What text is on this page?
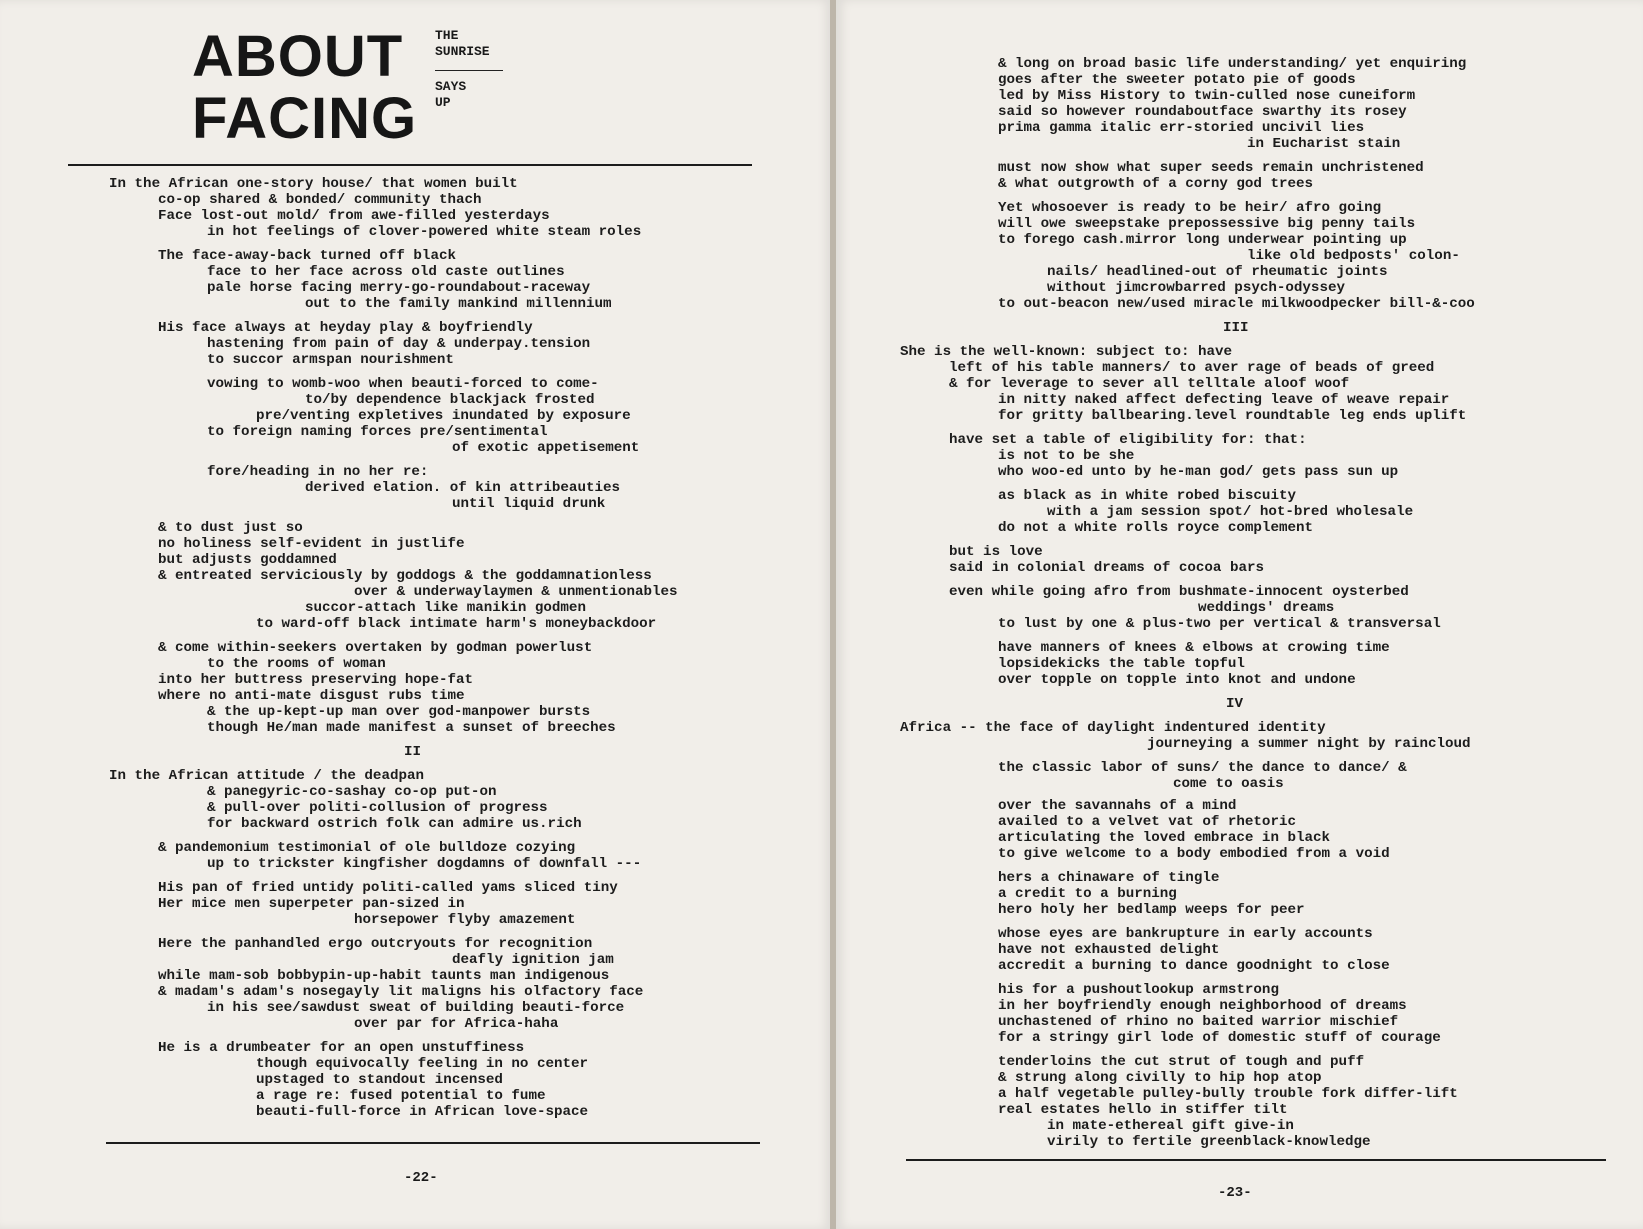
ABOUT
FACING
THE
SUNRISE
SAYS
UP
In the African one-story house/ that women built
co-op shared & bonded/ community thach
Face lost-out mold/ from awe-filled yesterdays
in hot feelings of clover-powered white steam roles
The face-away-back turned off black
face to her face across old caste outlines
pale horse facing merry-go-roundabout-raceway
out to the family mankind millennium
His face always at heyday play & boyfriendly
hastening from pain of day & underpay.tension
to succor armspan nourishment
vowing to womb-woo when beauti-forced to come-
to/by dependence blackjack frosted
pre/venting expletives inundated by exposure
to foreign naming forces pre/sentimental
of exotic appetisement
fore/heading in no her re:
derived elation. of kin attribeauties
until liquid drunk
& to dust just so
no holiness self-evident in justlife
but adjusts goddamned
& entreated serviciously by goddogs & the goddamnationless
over & underwaylaymen & unmentionables
succor-attach like manikin godmen
to ward-off black intimate harm's moneybackdoor
& come within-seekers overtaken by godman powerlust
to the rooms of woman
into her buttress preserving hope-fat
where no anti-mate disgust rubs time
& the up-kept-up man over god-manpower bursts
though He/man made manifest a sunset of breeches
II
In the African attitude / the deadpan
& panegyric-co-sashay co-op put-on
& pull-over politi-collusion of progress
for backward ostrich folk can admire us.rich
& pandemonium testimonial of ole bulldoze cozying
up to trickster kingfisher dogdamns of downfall ---
His pan of fried untidy politi-called yams sliced tiny
Her mice men superpeter pan-sized in
horsepower flyby amazement
Here the panhandled ergo outcryouts for recognition
deafly ignition jam
while mam-sob bobbypin-up-habit taunts man indigenous
& madam's adam's nosegayly lit maligns his olfactory face
in his see/sawdust sweat of building beauti-force
over par for Africa-haha
He is a drumbeater for an open unstuffiness
though equivocally feeling in no center
upstaged to standout incensed
a rage re: fused potential to fume
beauti-full-force in African love-space
-22-
& long on broad basic life understanding/ yet enquiring
goes after the sweeter potato pie of goods
led by Miss History to twin-culled nose cuneiform
said so however roundaboutface swarthy its rosey
prima gamma italic err-storied uncivil lies
in Eucharist stain
must now show what super seeds remain unchristened
& what outgrowth of a corny god trees
Yet whosoever is ready to be heir/ afro going
will owe sweepstake prepossessive big penny tails
to forego cash.mirror long underwear pointing up
like old bedposts' colon-
nails/ headlined-out of rheumatic joints
without jimcrowbarred psych-odyssey
to out-beacon new/used miracle milkwoodpecker bill-&-coo
III
She is the well-known: subject to: have
left of his table manners/ to aver rage of beads of greed
& for leverage to sever all telltale aloof woof
in nitty naked affect defecting leave of weave repair
for gritty ballbearing.level roundtable leg ends uplift
have set a table of eligibility for: that:
is not to be she
who woo-ed unto by he-man god/ gets pass sun up
as black as in white robed biscuity
with a jam session spot/ hot-bred wholesale
do not a white rolls royce complement
but is love
said in colonial dreams of cocoa bars
even while going afro from bushmate-innocent oysterbed
weddings' dreams
to lust by one & plus-two per vertical & transversal
have manners of knees & elbows at crowing time
lopsidekicks the table topful
over topple on topple into knot and undone
IV
Africa -- the face of daylight indentured identity
journeying a summer night by raincloud
the classic labor of suns/ the dance to dance/ &
come to oasis
over the savannahs of a mind
availed to a velvet vat of rhetoric
articulating the loved embrace in black
to give welcome to a body embodied from a void
hers a chinaware of tingle
a credit to a burning
hero holy her bedlamp weeps for peer
whose eyes are bankrupture in early accounts
have not exhausted delight
accredit a burning to dance goodnight to close
his for a pushoutlookup armstrong
in her boyfriendly enough neighborhood of dreams
unchastened of rhino no baited warrior mischief
for a stringy girl lode of domestic stuff of courage
tenderloins the cut strut of tough and puff
& strung along civilly to hip hop atop
a half vegetable pulley-bully trouble fork differ-lift
real estates hello in stiffer tilt
in mate-ethereal gift give-in
virily to fertile greenblack-knowledge
-23-
